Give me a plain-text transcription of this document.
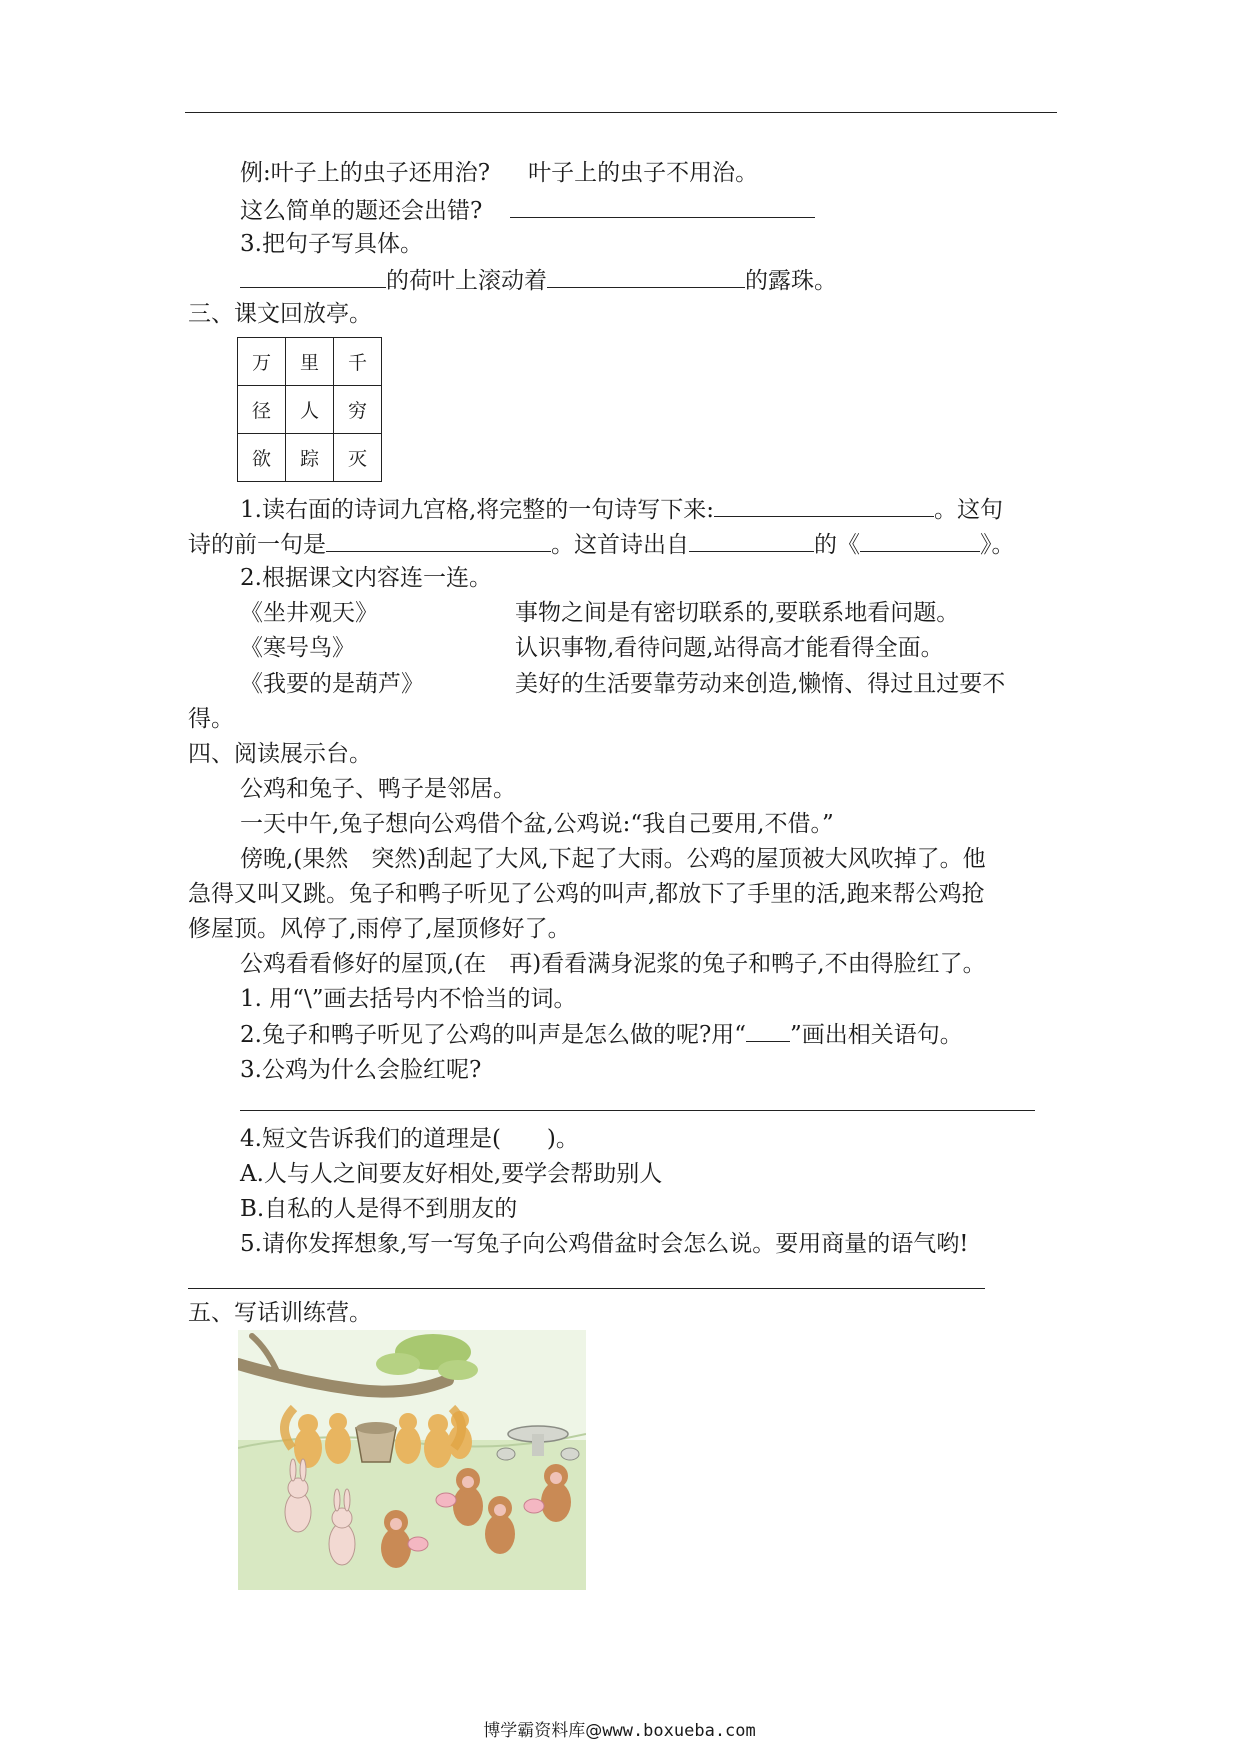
例:叶子上的虫子还用治? 叶子上的虫子不用治。
这么简单的题还会出错?
3.把句子写具体。
的荷叶上滚动着	的露珠。
三、课文回放亭。
万	里	千
径	人	穷
欲	踪	灭
1.读右面的诗词九宫格,将完整的一句诗写下来:	。这句
诗的前一句是	。这首诗出自	的《	》。
2.根据课文内容连一连。
《坐井观天》	事物之间是有密切联系的,要联系地看问题。
《寒号鸟》	认识事物,看待问题,站得高才能看得全面。
《我要的是葫芦》	美好的生活要靠劳动来创造,懒惰、得过且过要不
得。
四、阅读展示台。
公鸡和兔子、鸭子是邻居。
一天中午,兔子想向公鸡借个盆,公鸡说:“我自己要用,不借。”
傍晚,(果然　突然)刮起了大风,下起了大雨。公鸡的屋顶被大风吹掉了。他
急得又叫又跳。兔子和鸭子听见了公鸡的叫声,都放下了手里的活,跑来帮公鸡抢
修屋顶。风停了,雨停了,屋顶修好了。
公鸡看看修好的屋顶,(在　再)看看满身泥浆的兔子和鸭子,不由得脸红了。
1. 用“\”画去括号内不恰当的词。
2.兔子和鸭子听见了公鸡的叫声是怎么做的呢?用“ ”画出相关语句。
3.公鸡为什么会脸红呢?
4.短文告诉我们的道理是(　　)。
A.人与人之间要友好相处,要学会帮助别人
B.自私的人是得不到朋友的
5.请你发挥想象,写一写兔子向公鸡借盆时会怎么说。要用商量的语气哟!
五、写话训练营。
博学霸资料库@www.boxueba.com
